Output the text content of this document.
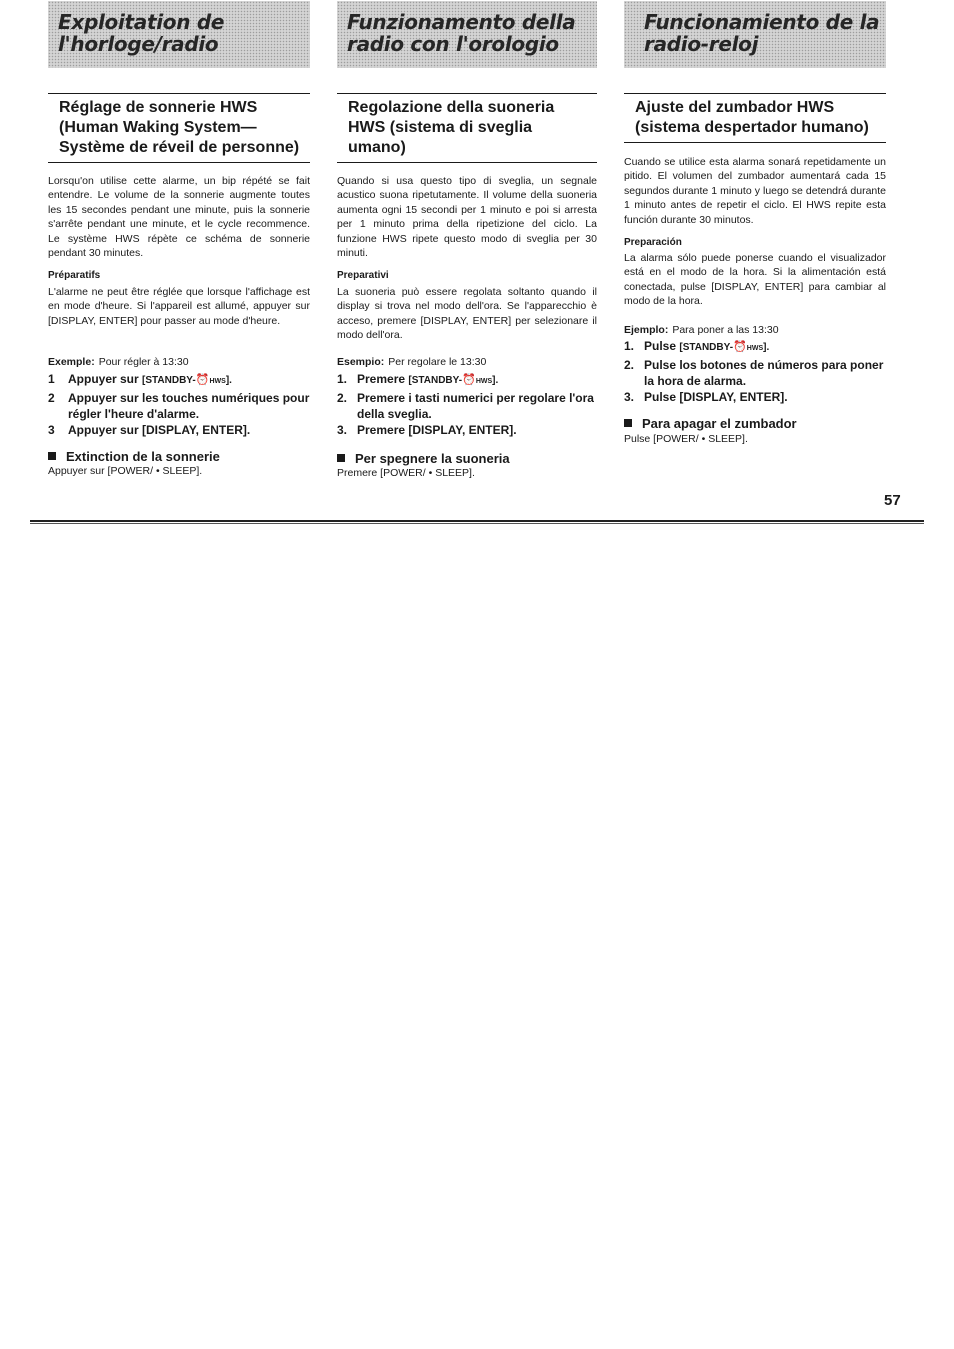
Exploitation de
l'horloge/radio
Réglage de sonnerie HWS
(Human Waking System—
Système de réveil de personne)

Lorsqu'on utilise cette alarme, un bip répété se fait entendre. Le volume de la sonnerie augmente toutes les 15 secondes pendant une minute, puis la sonnerie s'arrête pendant une minute, et le cycle recommence. Le système HWS répète ce schéma de sonnerie pendant 30 minutes.

Préparatifs

L'alarme ne peut être réglée que lorsque l'affichage est en mode d'heure. Si l'appareil est allumé, appuyer sur [DISPLAY, ENTER] pour passer au mode d'heure.

Exemple: Pour régler à 13:30

1 Appuyer sur [STANDBY-⏰HWS].
2 Appuyer sur les touches numériques pour régler l'heure d'alarme.
3 Appuyer sur [DISPLAY, ENTER].

Extinction de la sonnerie

Appuyer sur [POWER/ • SLEEP].

Funzionamento della
radio con l'orologio
Regolazione della suoneria
HWS (sistema di sveglia
umano)

Quando si usa questo tipo di sveglia, un segnale acustico suona ripetutamente. Il volume della suoneria aumenta ogni 15 secondi per 1 minuto e poi si arresta per 1 minuto prima della ripetizione del ciclo. La funzione HWS ripete questo modo di sveglia per 30 minuti.

Preparativi

La suoneria può essere regolata soltanto quando il display si trova nel modo dell'ora. Se l'apparecchio è acceso, premere [DISPLAY, ENTER] per selezionare il modo dell'ora.

Esempio: Per regolare le 13:30

1. Premere [STANDBY-⏰HWS].
2. Premere i tasti numerici per regolare l'ora della sveglia.
3. Premere [DISPLAY, ENTER].

Per spegnere la suoneria

Premere [POWER/ • SLEEP].

Funcionamiento de la
radio-reloj
Ajuste del zumbador HWS
(sistema despertador humano)

Cuando se utilice esta alarma sonará repetidamente un pitido. El volumen del zumbador aumentará cada 15 segundos durante 1 minuto y luego se detendrá durante 1 minuto antes de repetir el ciclo. El HWS repite esta función durante 30 minutos.

Preparación

La alarma sólo puede ponerse cuando el visualizador está en el modo de la hora. Si la alimentación está conectada, pulse [DISPLAY, ENTER] para cambiar al modo de la hora.

Ejemplo: Para poner a las 13:30

1. Pulse [STANDBY-⏰HWS].
2. Pulse los botones de números para poner la hora de alarma.
3. Pulse [DISPLAY, ENTER].

Para apagar el zumbador

Pulse [POWER/ • SLEEP].

57
